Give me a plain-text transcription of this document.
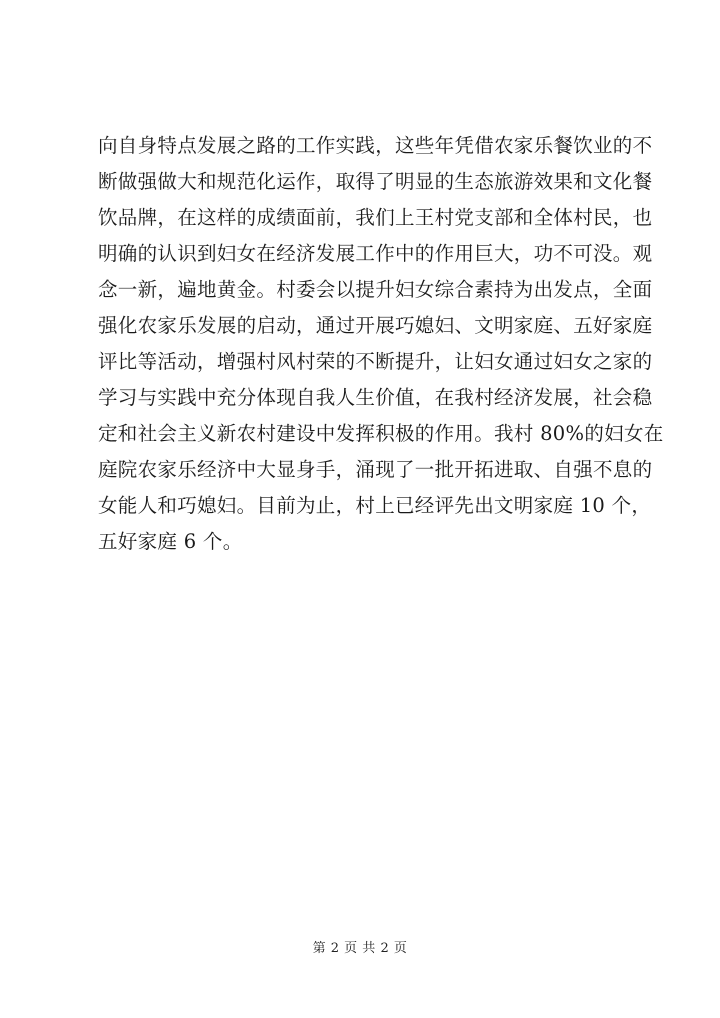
向自身特点发展之路的工作实践，这些年凭借农家乐餐饮业的不
断做强做大和规范化运作，取得了明显的生态旅游效果和文化餐
饮品牌，在这样的成绩面前，我们上王村党支部和全体村民，也
明确的认识到妇女在经济发展工作中的作用巨大，功不可没。观
念一新，遍地黄金。村委会以提升妇女综合素持为出发点，全面
强化农家乐发展的启动，通过开展巧媳妇、文明家庭、五好家庭
评比等活动，增强村风村荣的不断提升，让妇女通过妇女之家的
学习与实践中充分体现自我人生价值，在我村经济发展，社会稳
定和社会主义新农村建设中发挥积极的作用。我村 80%的妇女在
庭院农家乐经济中大显身手，涌现了一批开拓进取、自强不息的
女能人和巧媳妇。目前为止，村上已经评先出文明家庭 10 个，
五好家庭 6 个。
第 2 页 共 2 页
